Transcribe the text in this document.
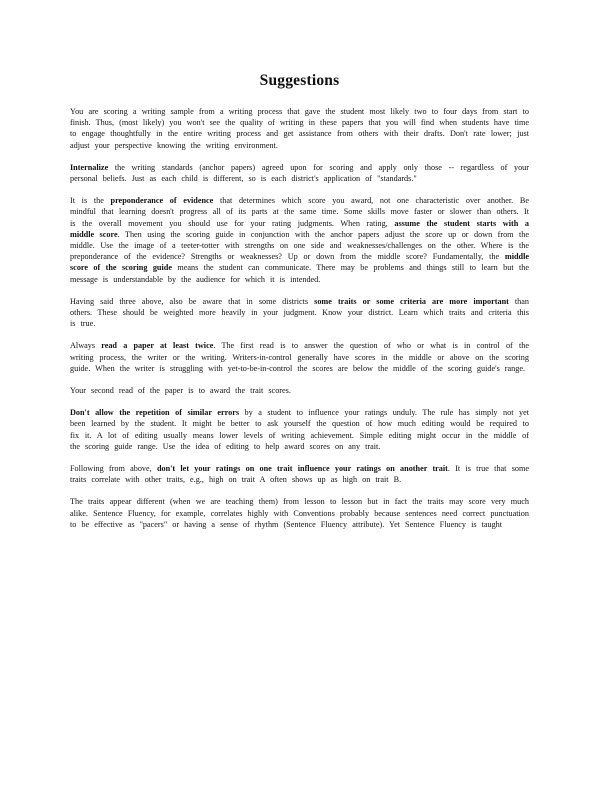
Suggestions

You are scoring a writing sample from a writing process that gave the student most likely two to four days from start to finish. Thus, (most likely) you won't see the quality of writing in these papers that you will find when students have time to engage thoughtfully in the entire writing process and get assistance from others with their drafts. Don't rate lower; just adjust your perspective knowing the writing environment.

Internalize the writing standards (anchor papers) agreed upon for scoring and apply only those -- regardless of your personal beliefs. Just as each child is different, so is each district's application of "standards."

It is the preponderance of evidence that determines which score you award, not one characteristic over another. Be mindful that learning doesn't progress all of its parts at the same time. Some skills move faster or slower than others. It is the overall movement you should use for your rating judgments. When rating, assume the student starts with a middle score. Then using the scoring guide in conjunction with the anchor papers adjust the score up or down from the middle. Use the image of a teeter-totter with strengths on one side and weaknesses/challenges on the other. Where is the preponderance of the evidence? Strengths or weaknesses? Up or down from the middle score? Fundamentally, the middle score of the scoring guide means the student can communicate. There may be problems and things still to learn but the message is understandable by the audience for which it is intended.

Having said three above, also be aware that in some districts some traits or some criteria are more important than others. These should be weighted more heavily in your judgment. Know your district. Learn which traits and criteria this is true.

Always read a paper at least twice. The first read is to answer the question of who or what is in control of the writing process, the writer or the writing. Writers-in-control generally have scores in the middle or above on the scoring guide. When the writer is struggling with yet-to-be-in-control the scores are below the middle of the scoring guide's range.

Your second read of the paper is to award the trait scores.

Don't allow the repetition of similar errors by a student to influence your ratings unduly. The rule has simply not yet been learned by the student. It might be better to ask yourself the question of how much editing would be required to fix it. A lot of editing usually means lower levels of writing achievement. Simple editing might occur in the middle of the scoring guide range. Use the idea of editing to help award scores on any trait.

Following from above, don't let your ratings on one trait influence your ratings on another trait. It is true that some traits correlate with other traits, e.g., high on trait A often shows up as high on trait B.

The traits appear different (when we are teaching them) from lesson to lesson but in fact the traits may score very much alike. Sentence Fluency, for example, correlates highly with Conventions probably because sentences need correct punctuation to be effective as "pacers" or having a sense of rhythm (Sentence Fluency attribute). Yet Sentence Fluency is taught
